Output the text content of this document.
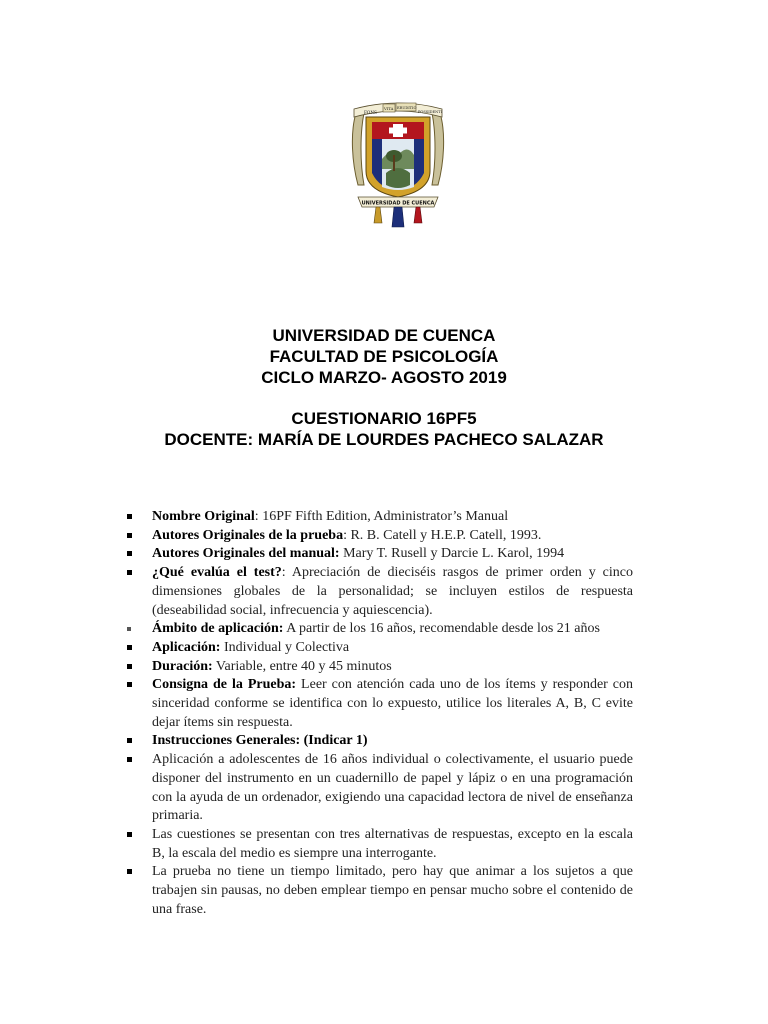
FONS
VITA ERUDITIO
POSSIDENTI
UNIVERSIDAD DE CUENCA
UNIVERSIDAD DE CUENCA
FACULTAD DE PSICOLOGÍA
CICLO MARZO- AGOSTO 2019
CUESTIONARIO 16PF5
DOCENTE: MARÍA DE LOURDES PACHECO SALAZAR
Nombre Original: 16PF Fifth Edition, Administrator’s Manual
Autores Originales de la prueba: R. B. Catell y H.E.P. Catell, 1993.
Autores Originales del manual: Mary T. Rusell y Darcie L. Karol, 1994
¿Qué evalúa el test?: Apreciación de dieciséis rasgos de primer orden y cinco dimensiones globales de la personalidad; se incluyen estilos de respuesta (deseabilidad social, infrecuencia y aquiescencia).
Ámbito de aplicación: A partir de los 16 años, recomendable desde los 21 años
Aplicación: Individual y Colectiva
Duración: Variable, entre 40 y 45 minutos
Consigna de la Prueba: Leer con atención cada uno de los ítems y responder con sinceridad conforme se identifica con lo expuesto, utilice los literales A, B, C evite dejar ítems sin respuesta.
Instrucciones Generales: (Indicar 1)
Aplicación a adolescentes de 16 años individual o colectivamente, el usuario puede disponer del instrumento en un cuadernillo de papel y lápiz o en una programación con la ayuda de un ordenador, exigiendo una capacidad lectora de nivel de enseñanza primaria.
Las cuestiones se presentan con tres alternativas de respuestas, excepto en la escala B, la escala del medio es siempre una interrogante.
La prueba no tiene un tiempo limitado, pero hay que animar a los sujetos a que trabajen sin pausas, no deben emplear tiempo en pensar mucho sobre el contenido de una frase.
